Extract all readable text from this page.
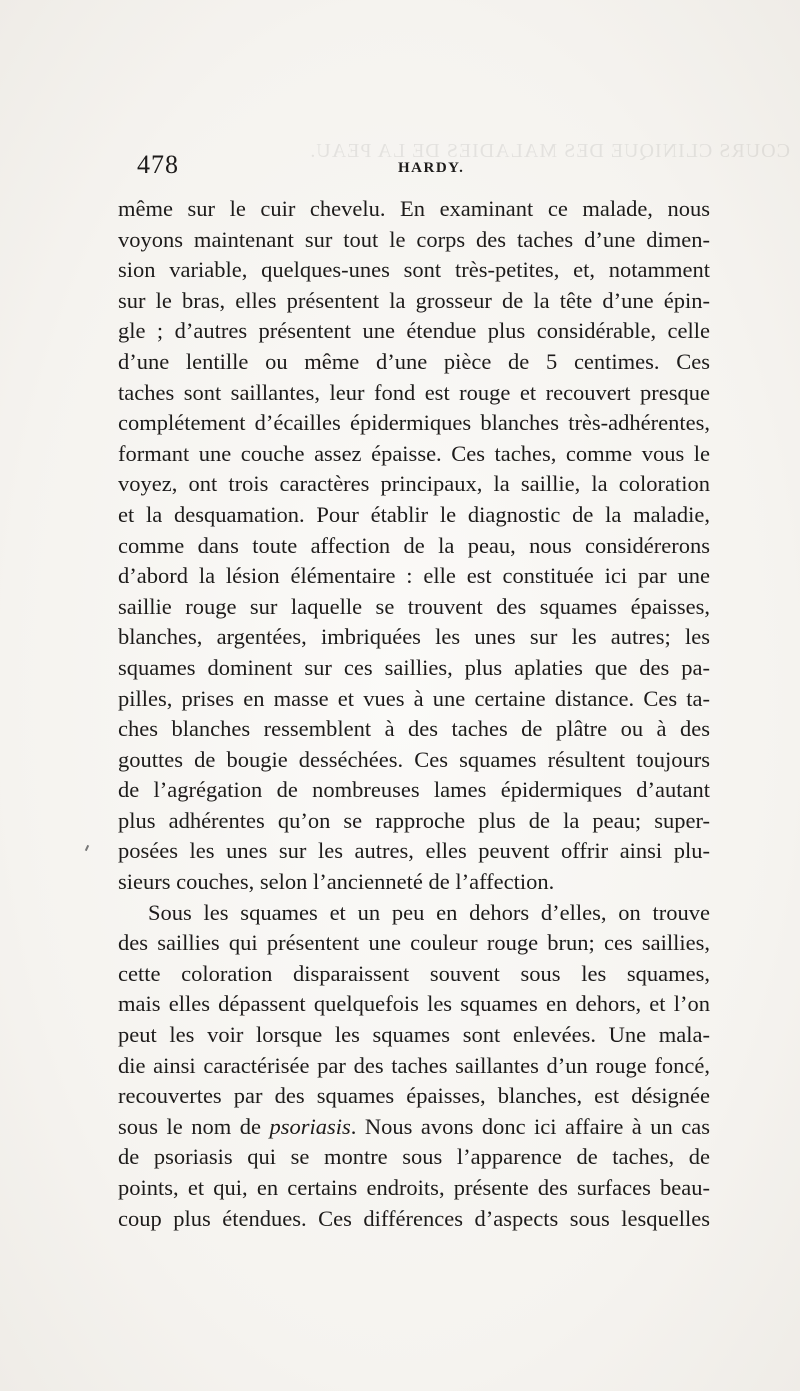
COURS CLINIQUE DES MALADIES DE LA PEAU.
478	HARDY.
même sur le cuir chevelu. En examinant ce malade, nous
voyons maintenant sur tout le corps des taches d’une dimen-
sion variable, quelques-unes sont très-petites, et, notamment
sur le bras, elles présentent la grosseur de la tête d’une épin-
gle ; d’autres présentent une étendue plus considérable, celle
d’une lentille ou même d’une pièce de 5 centimes. Ces
taches sont saillantes, leur fond est rouge et recouvert presque
complétement d’écailles épidermiques blanches très-adhérentes,
formant une couche assez épaisse. Ces taches, comme vous le
voyez, ont trois caractères principaux, la saillie, la coloration
et la desquamation. Pour établir le diagnostic de la maladie,
comme dans toute affection de la peau, nous considérerons
d’abord la lésion élémentaire : elle est constituée ici par une
saillie rouge sur laquelle se trouvent des squames épaisses,
blanches, argentées, imbriquées les unes sur les autres; les
squames dominent sur ces saillies, plus aplaties que des pa-
pilles, prises en masse et vues à une certaine distance. Ces ta-
ches blanches ressemblent à des taches de plâtre ou à des
gouttes de bougie desséchées. Ces squames résultent toujours
de l’agrégation de nombreuses lames épidermiques d’autant
plus adhérentes qu’on se rapproche plus de la peau; super-
posées les unes sur les autres, elles peuvent offrir ainsi plu-
sieurs couches, selon l’ancienneté de l’affection.
Sous les squames et un peu en dehors d’elles, on trouve
des saillies qui présentent une couleur rouge brun; ces saillies,
cette coloration disparaissent souvent sous les squames,
mais elles dépassent quelquefois les squames en dehors, et l’on
peut les voir lorsque les squames sont enlevées. Une mala-
die ainsi caractérisée par des taches saillantes d’un rouge foncé,
recouvertes par des squames épaisses, blanches, est désignée
sous le nom de psoriasis. Nous avons donc ici affaire à un cas
de psoriasis qui se montre sous l’apparence de taches, de
points, et qui, en certains endroits, présente des surfaces beau-
coup plus étendues. Ces différences d’aspects sous lesquelles
